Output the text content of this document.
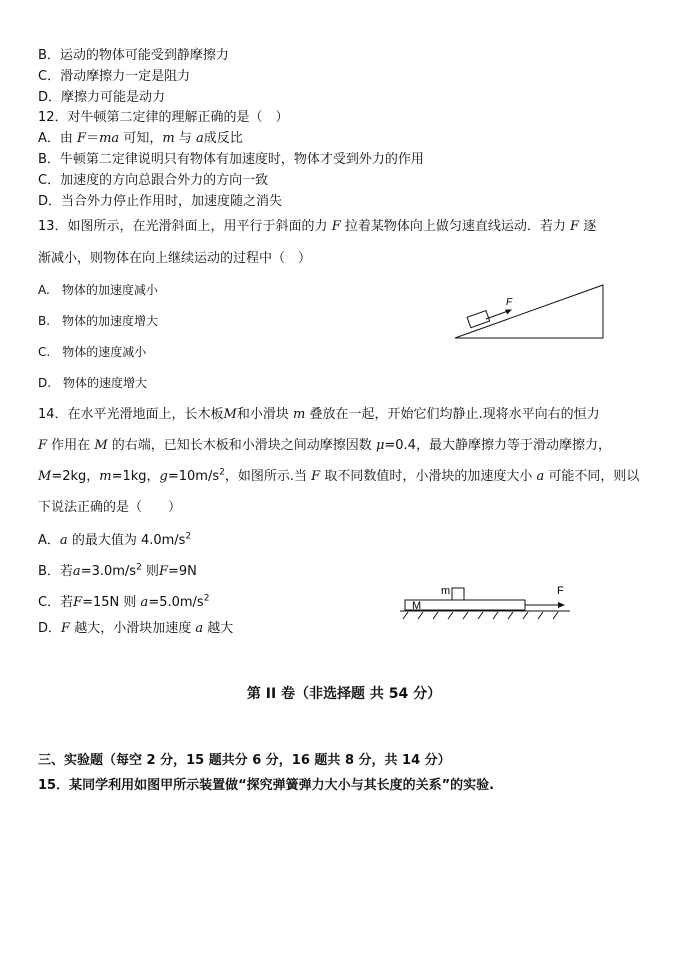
B．运动的物体可能受到静摩擦力
C．滑动摩擦力一定是阻力
D．摩擦力可能是动力
12．对牛顿第二定律的理解正确的是（　）
A．由 F＝ma 可知，m 与 a成反比
B．牛顿第二定律说明只有物体有加速度时，物体才受到外力的作用
C．加速度的方向总跟合外力的方向一致
D．当合外力停止作用时，加速度随之消失
13．如图所示，在光滑斜面上，用平行于斜面的力 F 拉着某物体向上做匀速直线运动．若力 F 逐
渐减小，则物体在向上继续运动的过程中（　）
A.　物体的加速度减小
B.　物体的加速度增大
C.　物体的速度减小
D.　物体的速度增大
F
14．在水平光滑地面上，长木板M和小滑块 m 叠放在一起，开始它们均静止.现将水平向右的恒力
F 作用在 M 的右端，已知长木板和小滑块之间动摩擦因数 μ=0.4，最大静摩擦力等于滑动摩擦力，
M=2kg，m=1kg，$g=10m/s^2$，如图所示.当 F 取不同数值时，小滑块的加速度大小 a 可能不同，则以
下说法正确的是（　　）
A．a 的最大值为 $4.0m/s^2$
B．若$a=3.0m/s^2$ 则F=9N
C．若F=15N 则 $a=5.0m/s^2$
D．F 越大，小滑块加速度 a 越大
m
M
F
第 II 卷（非选择题 共 54 分）
三、实验题（每空 2 分，15 题共分 6 分，16 题共 8 分，共 14 分）
15．某同学利用如图甲所示装置做“探究弹簧弹力大小与其长度的关系”的实验.
